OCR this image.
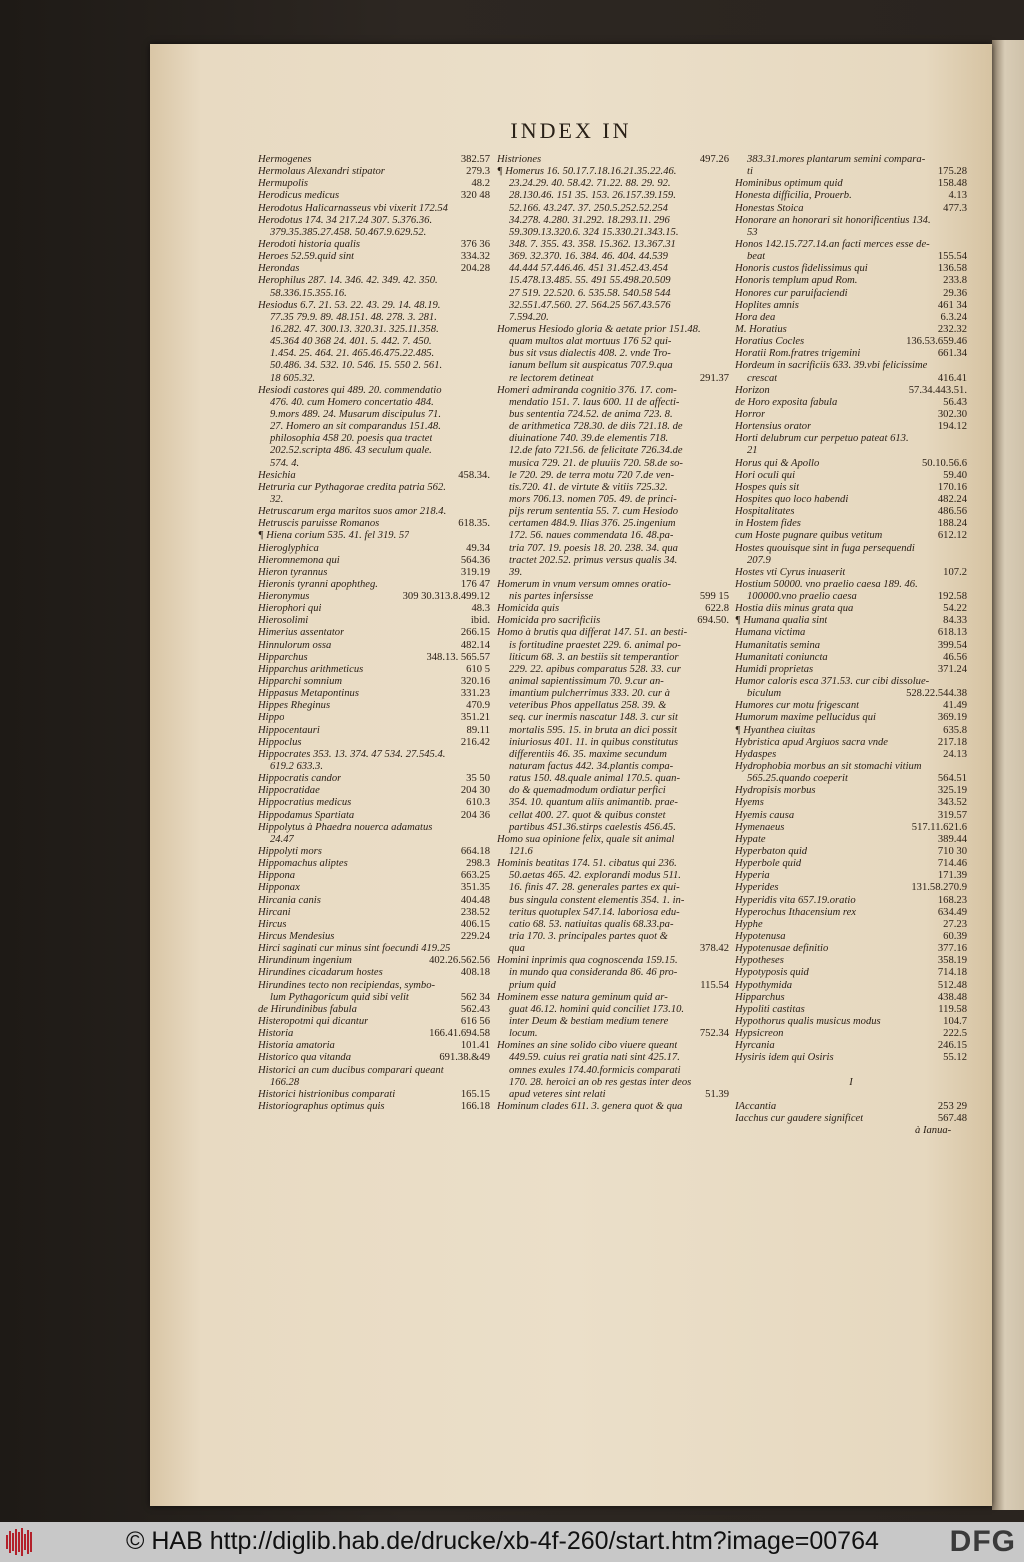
INDEX IN
Hermogenes	382.57
Hermolaus Alexandri stipator	279.3
Hermupolis	48.2
Herodicus medicus	320 48
Herodotus Halicarnasseus vbi vixerit 172.54
Herodotus 174. 34 217.24 307. 5.376.36.
379.35.385.27.458. 50.467.9.629.52.
Herodoti historia qualis	376 36
Heroes 52.59.quid sint	334.32
Herondas	204.28
Herophilus 287. 14. 346. 42. 349. 42. 350.
58.336.15.355.16.
Hesiodus 6.7. 21. 53. 22. 43. 29. 14. 48.19.
77.35 79.9. 89. 48.151. 48. 278. 3. 281.
16.282. 47. 300.13. 320.31. 325.11.358.
45.364 40 368 24. 401. 5. 442. 7. 450.
1.454. 25. 464. 21. 465.46.475.22.485.
50.486. 34. 532. 10. 546. 15. 550 2. 561.
18 605.32.
Hesiodi castores qui 489. 20. commendatio
476. 40. cum Homero concertatio 484.
9.mors 489. 24. Musarum discipulus 71.
27. Homero an sit comparandus 151.48.
philosophia 458 20. poesis qua tractet
202.52.scripta 486. 43 seculum quale.
574. 4.
Hesichia	458.34.
Hetruria cur Pythagorae credita patria 562.
32.
Hetruscarum erga maritos suos amor 218.4.
Hetruscis paruisse Romanos	618.35.
¶ Hiena corium 535. 41. fel 319. 57
Hieroglyphica	49.34
Hieromnemona qui	564.36
Hieron tyrannus	319.19
Hieronis tyranni apophtheg.	176 47
Hieronymus	309 30.313.8.499.12
Hierophori qui	48.3
Hierosolimi	ibid.
Himerius assentator	266.15
Hinnulorum ossa	482.14
Hipparchus	348.13. 565.57
Hipparchus arithmeticus	610 5
Hipparchi somnium	320.16
Hippasus Metapontinus	331.23
Hippes Rheginus	470.9
Hippo	351.21
Hippocentauri	89.11
Hippoclus	216.42
Hippocrates 353. 13. 374. 47 534. 27.545.4.
619.2 633.3.
Hippocratis candor	35 50
Hippocratidae	204 30
Hippocratius medicus	610.3
Hippodamus Spartiata	204 36
Hippolytus à Phaedra nouerca adamatus
24.47
Hippolyti mors	664.18
Hippomachus aliptes	298.3
Hippona	663.25
Hipponax	351.35
Hircania canis	404.48
Hircani	238.52
Hircus	406.15
Hircus Mendesius	229.24
Hirci saginati cur minus sint foecundi 419.25
Hirundinum ingenium	402.26.562.56
Hirundines cicadarum hostes	408.18
Hirundines tecto non recipiendas, symbo-
lum Pythagoricum quid sibi velit	562 34
de Hirundinibus fabula	562.43
Histeropotmi qui dicantur	616 56
Historia	166.41.694.58
Historia amatoria	101.41
Historico qua vitanda	691.38.&49
Historici an cum ducibus comparari queant
166.28
Historici histrionibus comparati	165.15
Historiographus optimus quis	166.18
Histriones	497.26
¶ Homerus 16. 50.17.7.18.16.21.35.22.46.
23.24.29. 40. 58.42. 71.22. 88. 29. 92.
28.130.46. 151 35. 153. 26.157.39.159.
52.166. 43.247. 37. 250.5.252.52.254
34.278. 4.280. 31.292. 18.293.11. 296
59.309.13.320.6. 324 15.330.21.343.15.
348. 7. 355. 43. 358. 15.362. 13.367.31
369. 32.370. 16. 384. 46. 404. 44.539
44.444 57.446.46. 451 31.452.43.454
15.478.13.485. 55. 491 55.498.20.509
27 519. 22.520. 6. 535.58. 540.58 544
32.551.47.560. 27. 564.25 567.43.576
7.594.20.
Homerus Hesiodo gloria & aetate prior 151.48.
quam multos alat mortuus 176 52 qui-
bus sit vsus dialectis 408. 2. vnde Tro-
ianum bellum sit auspicatus 707.9.qua
re lectorem detineat	291.37
Homeri admiranda cognitio 376. 17. com-
mendatio 151. 7. laus 600. 11 de affecti-
bus sententia 724.52. de anima 723. 8.
de arithmetica 728.30. de diis 721.18. de
diuinatione 740. 39.de elementis 718.
12.de fato 721.56. de felicitate 726.34.de
musica 729. 21. de pluuiis 720. 58.de so-
le 720. 29. de terra motu 720 7.de ven-
tis.720. 41. de virtute & vitiis 725.32.
mors 706.13. nomen 705. 49. de princi-
pijs rerum sententia 55. 7. cum Hesiodo
certamen 484.9. Ilias 376. 25.ingenium
172. 56. naues commendata 16. 48.pa-
tria 707. 19. poesis 18. 20. 238. 34. qua
tractet 202.52. primus versus qualis 34.
39.
Homerum in vnum versum omnes oratio-
nis partes infersisse	599 15
Homicida quis	622.8
Homicida pro sacrificiis	694.50.
Homo à brutis qua differat 147. 51. an besti-
is fortitudine praestet 229. 6. animal po-
liticum 68. 3. an bestiis sit temperantior
229. 22. apibus comparatus 528. 33. cur
animal sapientissimum 70. 9.cur an-
imantium pulcherrimus 333. 20. cur à
veteribus Phos appellatus 258. 39. &
seq. cur inermis nascatur 148. 3. cur sit
mortalis 595. 15. in bruta an dici possit
iniuriosus 401. 11. in quibus constitutus
differentiis 46. 35. maxime secundum
naturam factus 442. 34.plantis compa-
ratus 150. 48.quale animal 170.5. quan-
do & quemadmodum ordiatur perfici
354. 10. quantum aliis animantib. prae-
cellat 400. 27. quot & quibus constet
partibus 451.36.stirps caelestis 456.45.
Homo sua opinione felix, quale sit animal
121.6
Hominis beatitas 174. 51. cibatus qui 236.
50.aetas 465. 42. explorandi modus 511.
16. finis 47. 28. generales partes ex qui-
bus singula constent elementis 354. 1. in-
teritus quotuplex 547.14. laboriosa edu-
catio 68. 53. natiuitas qualis 68.33.pa-
tria 170. 3. principales partes quot &
qua	378.42
Homini inprimis qua cognoscenda 159.15.
in mundo qua consideranda 86. 46 pro-
prium quid	115.54
Hominem esse natura geminum quid ar-
guat 46.12. homini quid conciliet 173.10.
inter Deum & bestiam medium tenere
locum.	752.34
Homines an sine solido cibo viuere queant
449.59. cuius rei gratia nati sint 425.17.
omnes exules 174.40.formicis comparati
170. 28. heroici an ob res gestas inter deos
apud veteres sint relati	51.39
Hominum clades 611. 3. genera quot & qua
383.31.mores plantarum semini compara-
ti	175.28
Hominibus optimum quid	158.48
Honesta difficilia, Prouerb.	4.13
Honestas Stoica	477.3
Honorare an honorari sit honorificentius 134.
53
Honos 142.15.727.14.an facti merces esse de-
beat	155.54
Honoris custos fidelissimus qui	136.58
Honoris templum apud Rom.	233.8
Honores cur paruifaciendi	29.36
Hoplites amnis	461 34
Hora dea	6.3.24
M. Horatius	232.32
Horatius Cocles	136.53.659.46
Horatii Rom.fratres trigemini	661.34
Hordeum in sacrificiis 633. 39.vbi felicissime
crescat	416.41
Horizon	57.34.443.51.
de Horo exposita fabula	56.43
Horror	302.30
Hortensius orator	194.12
Horti delubrum cur perpetuo pateat 613.
21
Horus qui & Apollo	50.10.56.6
Hori oculi qui	59.40
Hospes quis sit	170.16
Hospites quo loco habendi	482.24
Hospitalitates	486.56
in Hostem fides	188.24
cum Hoste pugnare quibus vetitum	612.12
Hostes quouisque sint in fuga persequendi
207.9
Hostes vti Cyrus inuaserit	107.2
Hostium 50000. vno praelio caesa 189. 46.
100000.vno praelio caesa	192.58
Hostia diis minus grata qua	54.22
¶ Humana qualia sint	84.33
Humana victima	618.13
Humanitatis semina	399.54
Humanitati coniuncta	46.56
Humidi proprietas	371.24
Humor caloris esca 371.53. cur cibi dissolue-
biculum	528.22.544.38
Humores cur motu frigescant	41.49
Humorum maxime pellucidus qui	369.19
¶ Hyanthea ciuitas	635.8
Hybristica apud Argiuos sacra vnde	217.18
Hydaspes	24.13
Hydrophobia morbus an sit stomachi vitium
565.25.quando coeperit	564.51
Hydropisis morbus	325.19
Hyems	343.52
Hyemis causa	319.57
Hymenaeus	517.11.621.6
Hypate	389.44
Hyperbaton quid	710 30
Hyperbole quid	714.46
Hyperia	171.39
Hyperides	131.58.270.9
Hyperidis vita 657.19.oratio	168.23
Hyperochus Ithacensium rex	634.49
Hyphe	27.23
Hypotenusa	60.39
Hypotenusae definitio	377.16
Hypotheses	358.19
Hypotyposis quid	714.18
Hypothymida	512.48
Hipparchus	438.48
Hypoliti castitas	119.58
Hypothorus qualis musicus modus	104.7
Hypsicreon	222.5
Hyrcania	246.15
Hysiris idem qui Osiris	55.12
I
IAccantia	253 29
Iacchus cur gaudere significet	567.48
à Ianua-
© HAB http://diglib.hab.de/drucke/xb-4f-260/start.htm?image=00764 DFG
